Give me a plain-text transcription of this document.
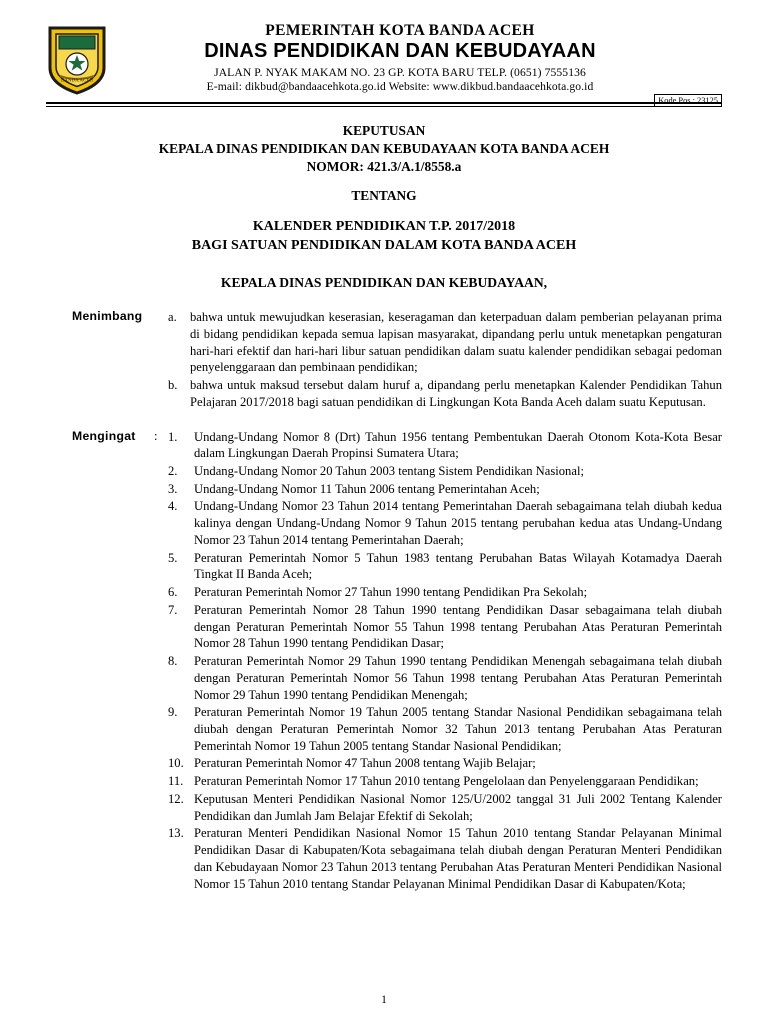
BANDA ACEH
PEMERINTAH KOTA BANDA ACEH
DINAS PENDIDIKAN DAN KEBUDAYAAN
JALAN P. NYAK MAKAM NO. 23 GP. KOTA BARU TELP. (0651) 7555136
E-mail: dikbud@bandaacehkota.go.id Website: www.dikbud.bandaacehkota.go.id
Kode Pos : 23125
KEPUTUSAN
KEPALA DINAS PENDIDIKAN DAN KEBUDAYAAN KOTA BANDA ACEH
NOMOR: 421.3/A.1/8558.a
TENTANG
KALENDER PENDIDIKAN T.P. 2017/2018
BAGI SATUAN PENDIDIKAN DALAM KOTA BANDA ACEH
KEPALA DINAS PENDIDIKAN DAN KEBUDAYAAN,
Menimbang	a.	bahwa untuk mewujudkan keserasian, keseragaman dan keterpaduan dalam pemberian pelayanan prima di bidang pendidikan kepada semua lapisan masyarakat, dipandang perlu untuk menetapkan pengaturan hari-hari efektif dan hari-hari libur satuan pendidikan dalam suatu kalender pendidikan sebagai pedoman penyelenggaraan dan pembinaan pendidikan;
b. bahwa untuk maksud tersebut dalam huruf a, dipandang perlu menetapkan Kalender Pendidikan Tahun Pelajaran 2017/2018 bagi satuan pendidikan di Lingkungan Kota Banda Aceh dalam suatu Keputusan.
Mengingat	: 1.	Undang-Undang Nomor 8 (Drt) Tahun 1956 tentang Pembentukan Daerah Otonom Kota-Kota Besar dalam Lingkungan Daerah Propinsi Sumatera Utara;
2.	Undang-Undang Nomor 20 Tahun 2003 tentang Sistem Pendidikan Nasional;
3.	Undang-Undang Nomor 11 Tahun 2006 tentang Pemerintahan Aceh;
4.	Undang-Undang Nomor 23 Tahun 2014 tentang Pemerintahan Daerah sebagaimana telah diubah kedua kalinya dengan Undang-Undang Nomor 9 Tahun 2015 tentang perubahan kedua atas Undang-Undang Nomor 23 Tahun 2014 tentang Pemerintahan Daerah;
5.	Peraturan Pemerintah Nomor 5 Tahun 1983 tentang Perubahan Batas Wilayah Kotamadya Daerah Tingkat II Banda Aceh;
6.	Peraturan Pemerintah Nomor 27 Tahun 1990 tentang Pendidikan Pra Sekolah;
7.	Peraturan Pemerintah Nomor 28 Tahun 1990 tentang Pendidikan Dasar sebagaimana telah diubah dengan Peraturan Pemerintah Nomor 55 Tahun 1998 tentang Perubahan Atas Peraturan Pemerintah Nomor 28 Tahun 1990 tentang Pendidikan Dasar;
8.	Peraturan Pemerintah Nomor 29 Tahun 1990 tentang Pendidikan Menengah sebagaimana telah diubah dengan Peraturan Pemerintah Nomor 56 Tahun 1998 tentang Perubahan Atas Peraturan Pemerintah Nomor 29 Tahun 1990 tentang Pendidikan Menengah;
9.	Peraturan Pemerintah Nomor 19 Tahun 2005 tentang Standar Nasional Pendidikan sebagaimana telah diubah dengan Peraturan Pemerintah Nomor 32 Tahun 2013 tentang Perubahan Atas Peraturan Pemerintah Nomor 19 Tahun 2005 tentang Standar Nasional Pendidikan;
10. Peraturan Pemerintah Nomor 47 Tahun 2008 tentang Wajib Belajar;
11. Peraturan Pemerintah Nomor 17 Tahun 2010 tentang Pengelolaan dan Penyelenggaraan Pendidikan;
12. Keputusan Menteri Pendidikan Nasional Nomor 125/U/2002 tanggal 31 Juli 2002 Tentang Kalender Pendidikan dan Jumlah Jam Belajar Efektif di Sekolah;
13. Peraturan Menteri Pendidikan Nasional Nomor 15 Tahun 2010 tentang Standar Pelayanan Minimal Pendidikan Dasar di Kabupaten/Kota sebagaimana telah diubah dengan Peraturan Menteri Pendidikan dan Kebudayaan Nomor 23 Tahun 2013 tentang Perubahan Atas Peraturan Menteri Pendidikan Nasional Nomor 15 Tahun 2010 tentang Standar Pelayanan Minimal Pendidikan Dasar di Kabupaten/Kota;
1
